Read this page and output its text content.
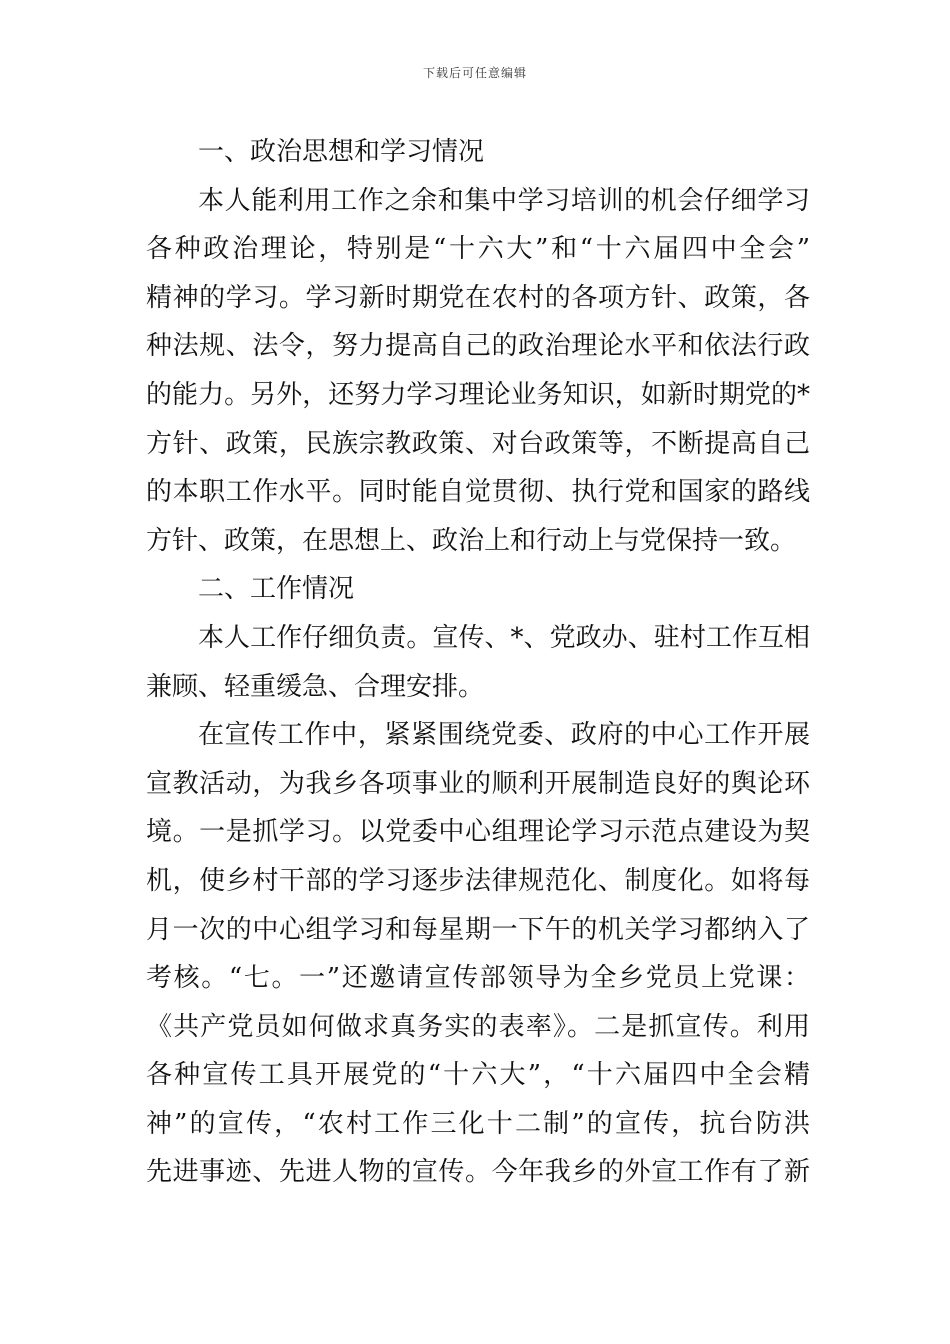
下载后可任意编辑
一、政治思想和学习情况
本人能利用工作之余和集中学习培训的机会仔细学习
各种政治理论，特别是“十六大”和“十六届四中全会”
精神的学习。学习新时期党在农村的各项方针、政策，各
种法规、法令，努力提高自己的政治理论水平和依法行政
的能力。另外，还努力学习理论业务知识，如新时期党的*
方针、政策，民族宗教政策、对台政策等，不断提高自己
的本职工作水平。同时能自觉贯彻、执行党和国家的路线
方针、政策，在思想上、政治上和行动上与党保持一致。
二、工作情况
本人工作仔细负责。宣传、*、党政办、驻村工作互相
兼顾、轻重缓急、合理安排。
在宣传工作中，紧紧围绕党委、政府的中心工作开展
宣教活动，为我乡各项事业的顺利开展制造良好的舆论环
境。一是抓学习。以党委中心组理论学习示范点建设为契
机，使乡村干部的学习逐步法律规范化、制度化。如将每
月一次的中心组学习和每星期一下午的机关学习都纳入了
考核。“七。一”还邀请宣传部领导为全乡党员上党课：
《共产党员如何做求真务实的表率》。二是抓宣传。利用
各种宣传工具开展党的“十六大”，“十六届四中全会精
神”的宣传，“农村工作三化十二制”的宣传，抗台防洪
先进事迹、先进人物的宣传。今年我乡的外宣工作有了新
